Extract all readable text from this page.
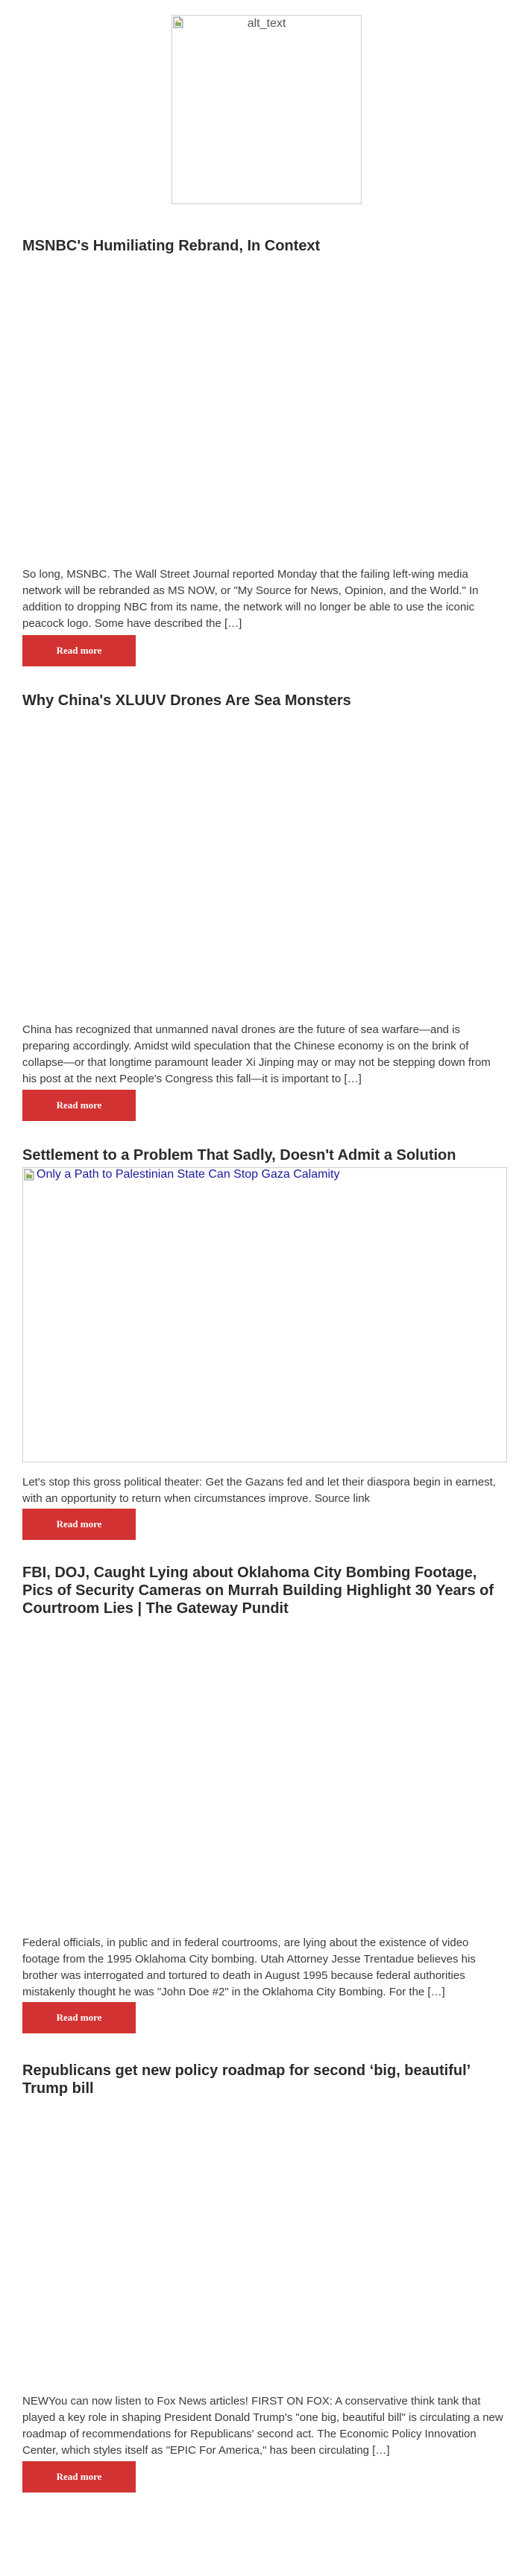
alt_text
MSNBC's Humiliating Rebrand, In Context

So long, MSNBC. The Wall Street Journal reported Monday that the failing left-wing media network will be rebranded as MS NOW, or "My Source for News, Opinion, and the World." In addition to dropping NBC from its name, the network will no longer be able to use the iconic peacock logo. Some have described the […]

Read more
Why China's XLUUV Drones Are Sea Monsters

China has recognized that unmanned naval drones are the future of sea warfare—and is preparing accordingly. Amidst wild speculation that the Chinese economy is on the brink of collapse—or that longtime paramount leader Xi Jinping may or may not be stepping down from his post at the next People's Congress this fall—it is important to […]

Read more
Settlement to a Problem That Sadly, Doesn't Admit a Solution
Only a Path to Palestinian State Can Stop Gaza Calamity

Let's stop this gross political theater: Get the Gazans fed and let their diaspora begin in earnest, with an opportunity to return when circumstances improve. Source link

Read more
FBI, DOJ, Caught Lying about Oklahoma City Bombing Footage, Pics of Security Cameras on Murrah Building Highlight 30 Years of Courtroom Lies | The Gateway Pundit

Federal officials, in public and in federal courtrooms, are lying about the existence of video footage from the 1995 Oklahoma City bombing. Utah Attorney Jesse Trentadue believes his brother was interrogated and tortured to death in August 1995 because federal authorities mistakenly thought he was "John Doe #2" in the Oklahoma City Bombing. For the […]

Read more
Republicans get new policy roadmap for second ‘big, beautiful’ Trump bill

NEWYou can now listen to Fox News articles! FIRST ON FOX: A conservative think tank that played a key role in shaping President Donald Trump's "one big, beautiful bill" is circulating a new roadmap of recommendations for Republicans' second act. The Economic Policy Innovation Center, which styles itself as "EPIC For America," has been circulating […]

Read more
